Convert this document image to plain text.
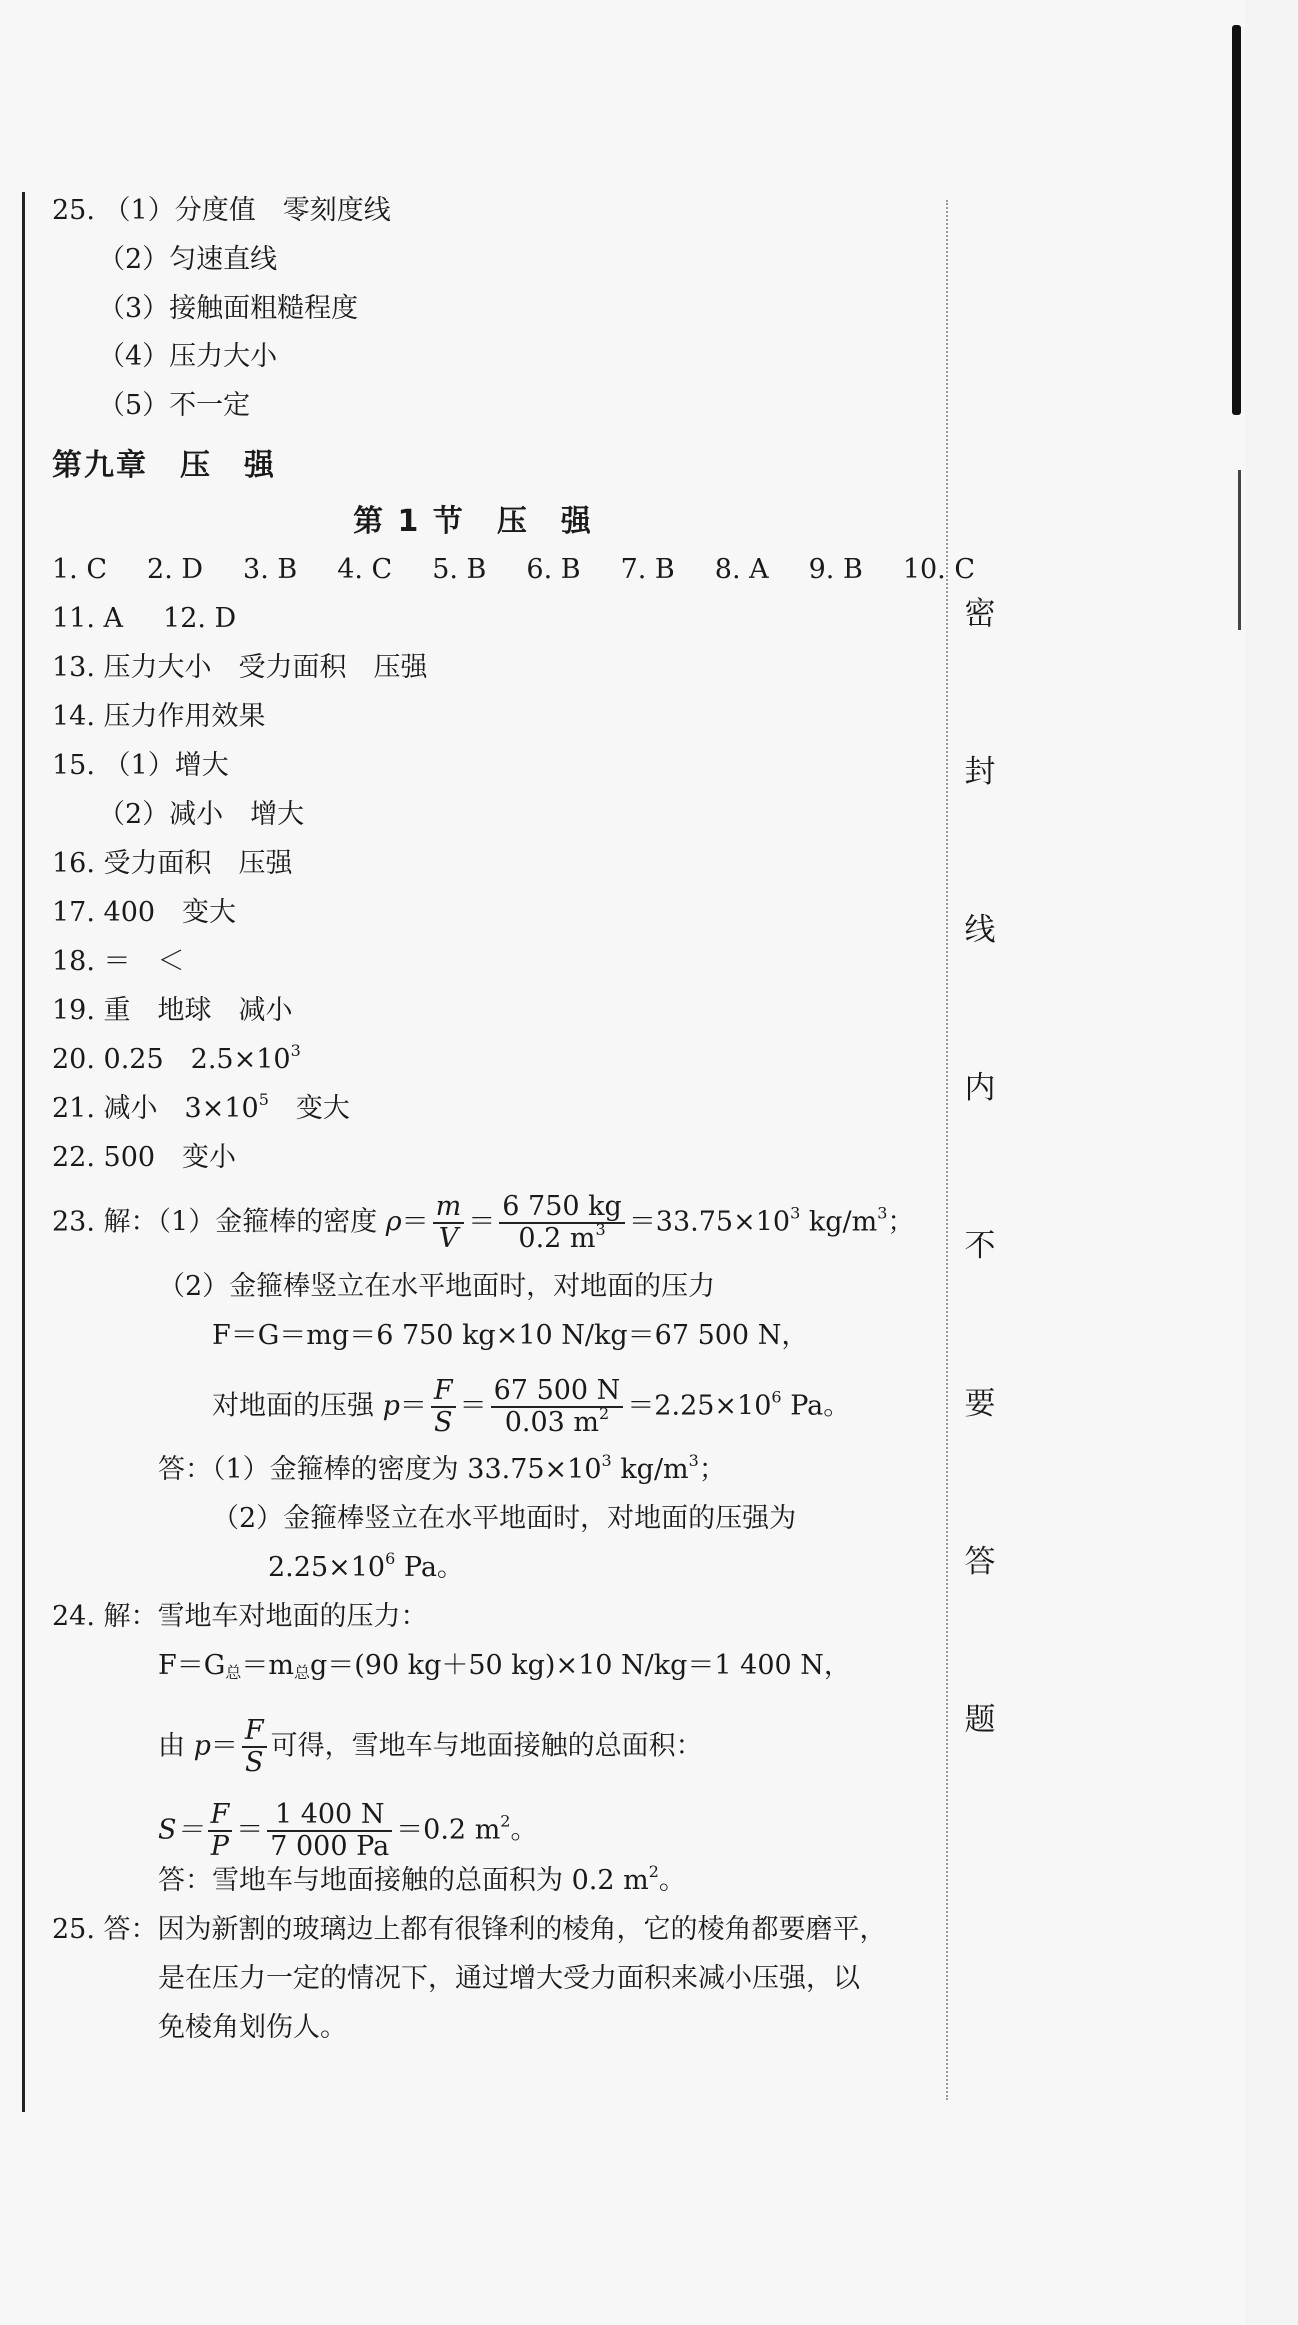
密
封
线
内
不
要
答
题
25. （1）分度值　零刻度线
（2）匀速直线
（3）接触面粗糙程度
（4）压力大小
（5）不一定
第九章　压　强
第 1 节　压　强
1. C 2. D 3. B 4. C 5. B 6. B 7. B 8. A 9. B 10. C
11. A 12. D
13. 压力大小　受力面积　压强
14. 压力作用效果
15. （1）增大
（2）减小　增大
16. 受力面积　压强
17. 400　变大
18. ＝　＜
19. 重　地球　减小
20. 0.25　$2.5\times 10^3$
21. 减小　$3\times 10^5$　变大
22. 500　变小
23. 解：（1）金箍棒的密度 $\rho= \frac{m}{V} = \frac{6 750 kg}{0.2 m^3} =33.75\times 10^3$ $kg/m^3$；
（2）金箍棒竖立在水平地面时，对地面的压力
F＝G＝mg＝6 750 kg×10 N/kg＝67 500 N，
对地面的压强 $p= \frac{F}{S} = \frac{67 500 N}{0.03 m^2} =2.25\times 10^6$ Pa。
答：（1）金箍棒的密度为 $33.75\times 10^3$ $kg/m^3$；
（2）金箍棒竖立在水平地面时，对地面的压强为
$2.25\times 10^6$ Pa。
24. 解：雪地车对地面的压力：
$F=G_总=m_总g=(90$ kg＋50 kg)×10 N/kg＝1 400 N，
由 $p= \frac{F}{S}$ 可得，雪地车与地面接触的总面积：
$S= \frac{F}{P} = \frac{1 400 N}{7 000 Pa} =0.2$ $m^2$。
答：雪地车与地面接触的总面积为 0.2 $m^2$。
25. 答：因为新割的玻璃边上都有很锋利的棱角，它的棱角都要磨平，
是在压力一定的情况下，通过增大受力面积来减小压强，以
免棱角划伤人。
